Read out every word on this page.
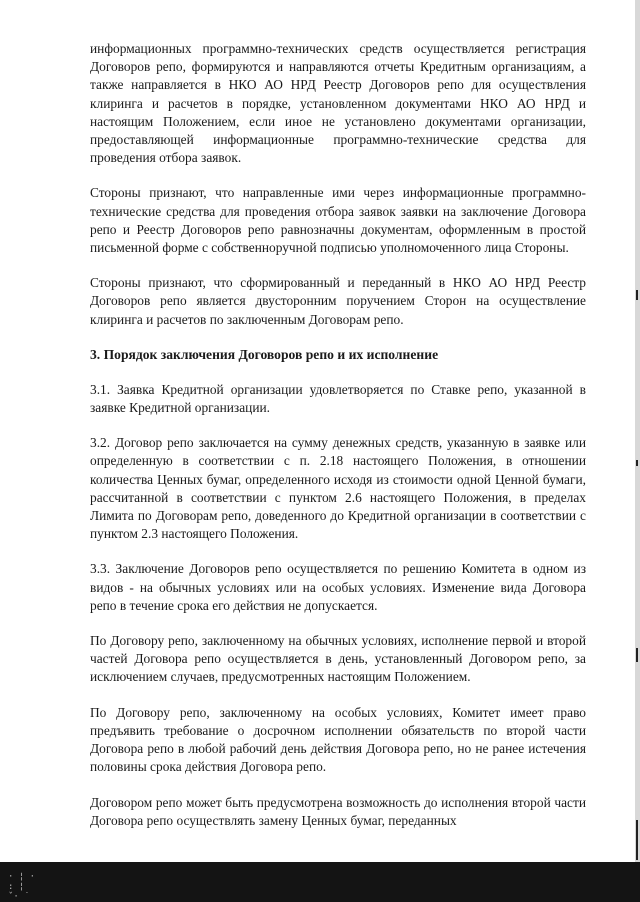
информационных программно-технических средств осуществляется регистрация Договоров репо, формируются и направляются отчеты Кредитным организациям, а также направляется в НКО АО НРД Реестр Договоров репо для осуществления клиринга и расчетов в порядке, установленном документами НКО АО НРД и настоящим Положением, если иное не установлено документами организации, предоставляющей информационные программно-технические средства для проведения отбора заявок.

Стороны признают, что направленные ими через информационные программно-технические средства для проведения отбора заявок заявки на заключение Договора репо и Реестр Договоров репо равнозначны документам, оформленным в простой письменной форме с собственноручной подписью уполномоченного лица Стороны.

Стороны признают, что сформированный и переданный в НКО АО НРД Реестр Договоров репо является двусторонним поручением Сторон на осуществление клиринга и расчетов по заключенным Договорам репо.

3. Порядок заключения Договоров репо и их исполнение

3.1. Заявка Кредитной организации удовлетворяется по Ставке репо, указанной в заявке Кредитной организации.

3.2. Договор репо заключается на сумму денежных средств, указанную в заявке или определенную в соответствии с п. 2.18 настоящего Положения, в отношении количества Ценных бумаг, определенного исходя из стоимости одной Ценной бумаги, рассчитанной в соответствии с пунктом 2.6 настоящего Положения, в пределах Лимита по Договорам репо, доведенного до Кредитной организации в соответствии с пунктом 2.3 настоящего Положения.

3.3. Заключение Договоров репо осуществляется по решению Комитета в одном из видов - на обычных условиях или на особых условиях. Изменение вида Договора репо в течение срока его действия не допускается.

По Договору репо, заключенному на обычных условиях, исполнение первой и второй частей Договора репо осуществляется в день, установленный Договором репо, за исключением случаев, предусмотренных настоящим Положением.

По Договору репо, заключенному на особых условиях, Комитет имеет право предъявить требование о досрочном исполнении обязательств по второй части Договора репо в любой рабочий день действия Договора репо, но не ранее истечения половины срока действия Договора репо.

Договором репо может быть предусмотрена возможность до исполнения второй части Договора репо осуществлять замену Ценных бумаг, переданных

· ¦ ·
: ¦
ˇ· ˙
